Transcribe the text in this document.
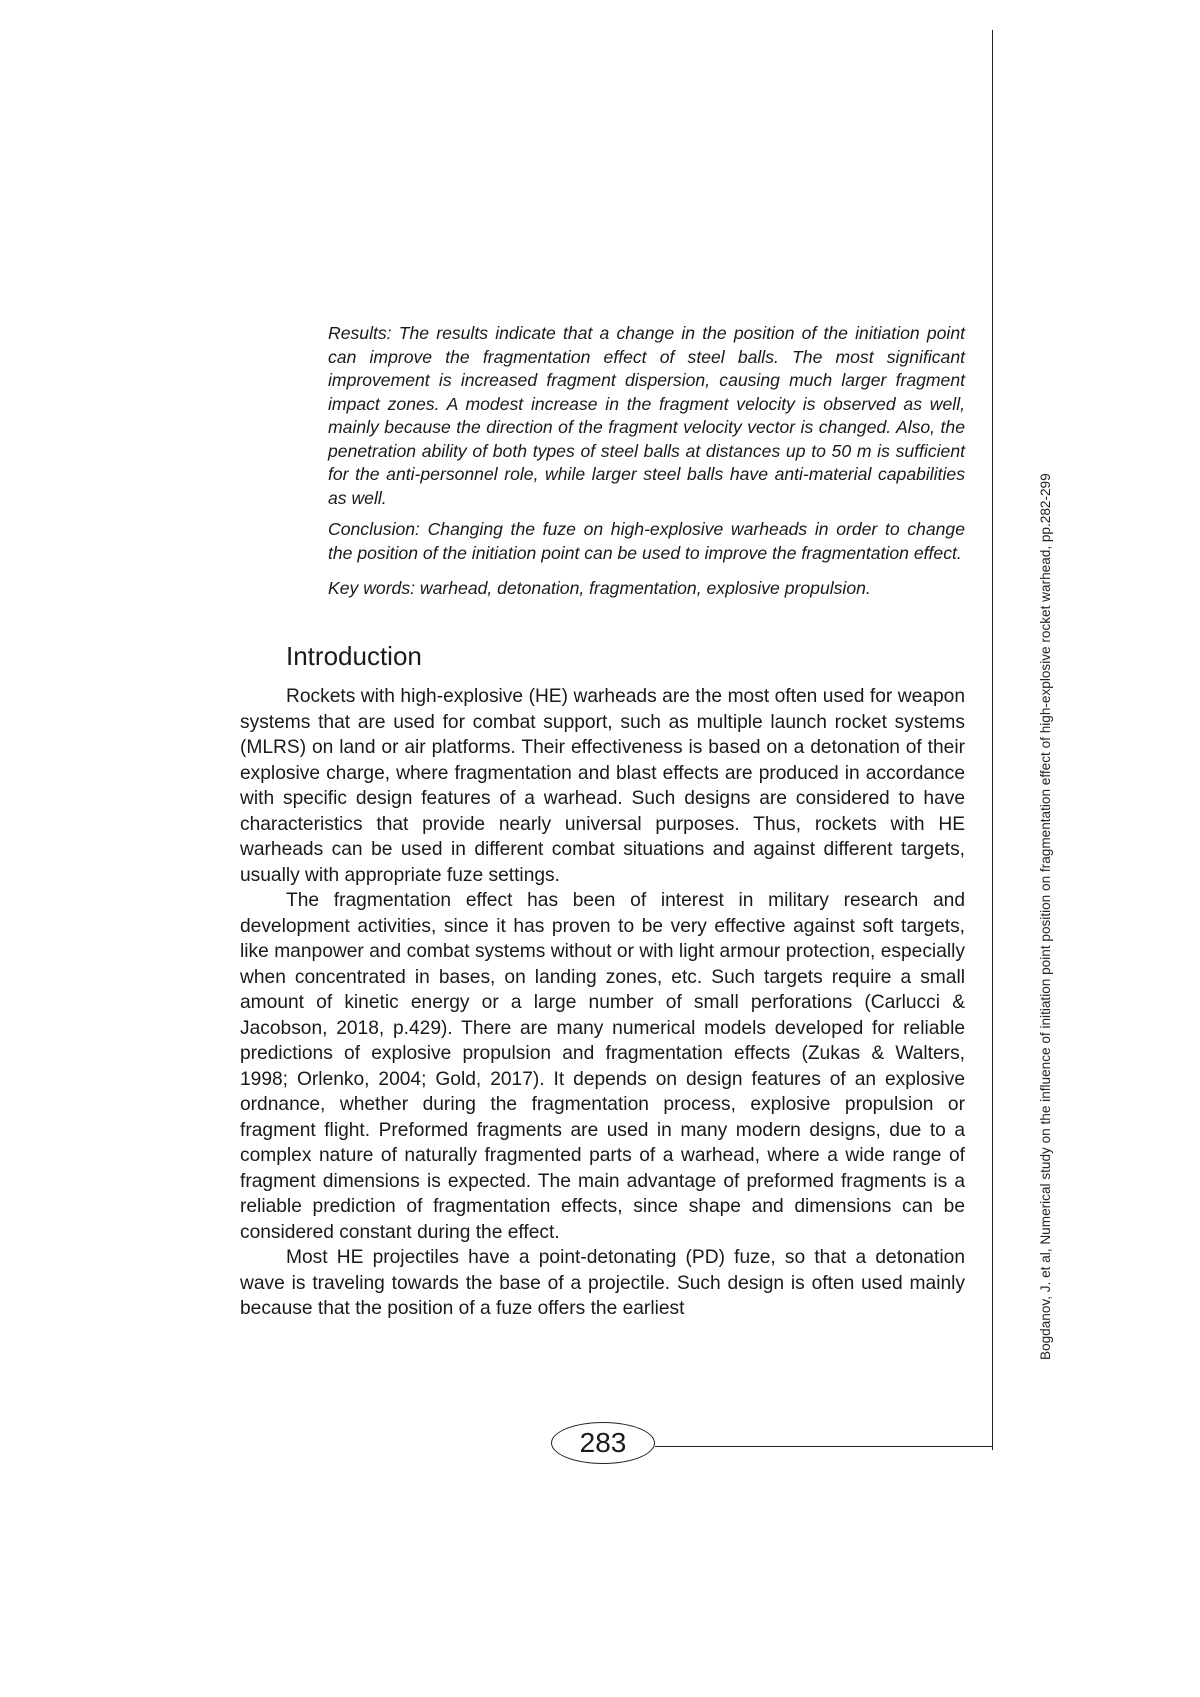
Results: The results indicate that a change in the position of the initiation point can improve the fragmentation effect of steel balls. The most significant improvement is increased fragment dispersion, causing much larger fragment impact zones. A modest increase in the fragment velocity is observed as well, mainly because the direction of the fragment velocity vector is changed. Also, the penetration ability of both types of steel balls at distances up to 50 m is sufficient for the anti-personnel role, while larger steel balls have anti-material capabilities as well.

Conclusion: Changing the fuze on high-explosive warheads in order to change the position of the initiation point can be used to improve the fragmentation effect.

Key words: warhead, detonation, fragmentation, explosive propulsion.

Introduction

Rockets with high-explosive (HE) warheads are the most often used for weapon systems that are used for combat support, such as multiple launch rocket systems (MLRS) on land or air platforms. Their effectiveness is based on a detonation of their explosive charge, where fragmentation and blast effects are produced in accordance with specific design features of a warhead. Such designs are considered to have characteristics that provide nearly universal purposes. Thus, rockets with HE warheads can be used in different combat situations and against different targets, usually with appropriate fuze settings.

The fragmentation effect has been of interest in military research and development activities, since it has proven to be very effective against soft targets, like manpower and combat systems without or with light armour protection, especially when concentrated in bases, on landing zones, etc. Such targets require a small amount of kinetic energy or a large number of small perforations (Carlucci & Jacobson, 2018, p.429). There are many numerical models developed for reliable predictions of explosive propulsion and fragmentation effects (Zukas & Walters, 1998; Orlenko, 2004; Gold, 2017). It depends on design features of an explosive ordnance, whether during the fragmentation process, explosive propulsion or fragment flight. Preformed fragments are used in many modern designs, due to a complex nature of naturally fragmented parts of a warhead, where a wide range of fragment dimensions is expected. The main advantage of preformed fragments is a reliable prediction of fragmentation effects, since shape and dimensions can be considered constant during the effect.

Most HE projectiles have a point-detonating (PD) fuze, so that a detonation wave is traveling towards the base of a projectile. Such design is often used mainly because that the position of a fuze offers the earliest	Bogdanov, J. et al, Numerical study on the influence of initiation point position on fragmentation effect of high-explosive rocket warhead, pp.282-299
283
